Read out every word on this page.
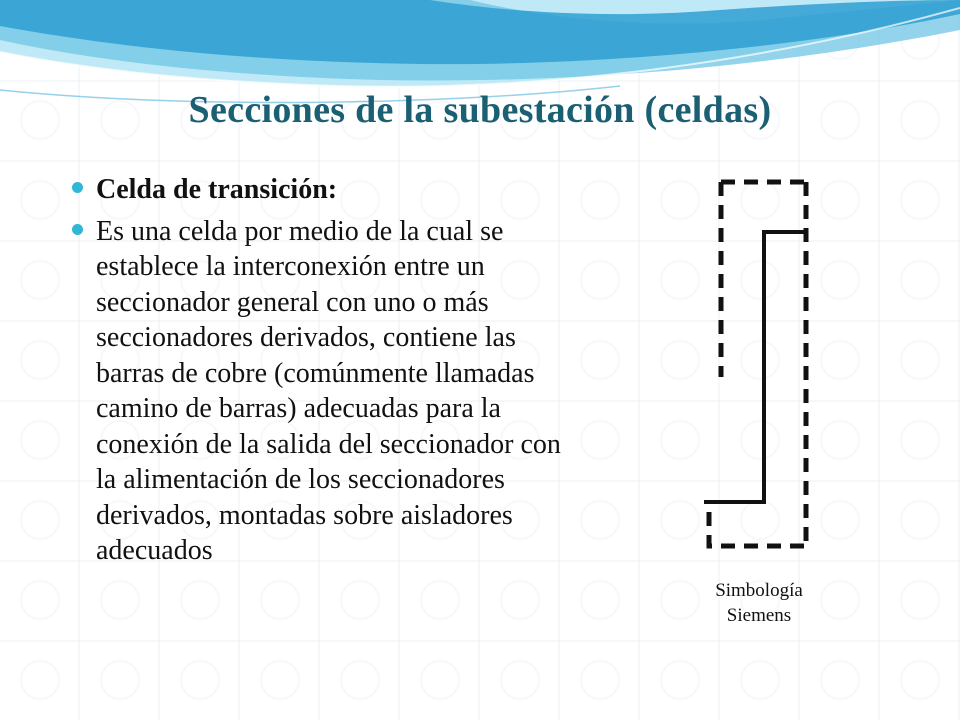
Secciones de la subestación (celdas)
Celda de transición:
Es una celda por medio de la cual se establece la interconexión entre un seccionador general con uno o más seccionadores derivados, contiene las barras de cobre (comúnmente llamadas camino de barras) adecuadas para la conexión de la salida del seccionador con la alimentación de los seccionadores derivados, montadas sobre aisladores adecuados
Simbología
Siemens
